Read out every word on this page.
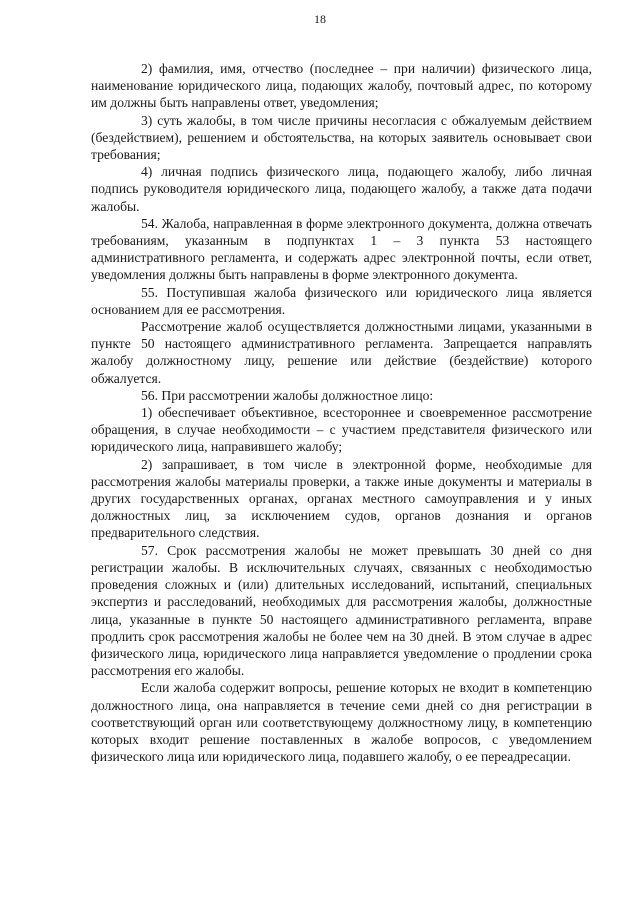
18

2) фамилия, имя, отчество (последнее – при наличии) физического лица, наименование юридического лица, подающих жалобу, почтовый адрес, по которому им должны быть направлены ответ, уведомления;

3) суть жалобы, в том числе причины несогласия с обжалуемым действием (бездействием), решением и обстоятельства, на которых заявитель основывает свои требования;

4) личная подпись физического лица, подающего жалобу, либо личная подпись руководителя юридического лица, подающего жалобу, а также дата подачи жалобы.

54. Жалоба, направленная в форме электронного документа, должна отвечать требованиям, указанным в подпунктах 1 – 3 пункта 53 настоящего административного регламента, и содержать адрес электронной почты, если ответ, уведомления должны быть направлены в форме электронного документа.

55. Поступившая жалоба физического или юридического лица является основанием для ее рассмотрения.

Рассмотрение жалоб осуществляется должностными лицами, указанными в пункте 50 настоящего административного регламента. Запрещается направлять жалобу должностному лицу, решение или действие (бездействие) которого обжалуется.

56. При рассмотрении жалобы должностное лицо:

1) обеспечивает объективное, всестороннее и своевременное рассмотрение обращения, в случае необходимости – с участием представителя физического или юридического лица, направившего жалобу;

2) запрашивает, в том числе в электронной форме, необходимые для рассмотрения жалобы материалы проверки, а также иные документы и материалы в других государственных органах, органах местного самоуправления и у иных должностных лиц, за исключением судов, органов дознания и органов предварительного следствия.

57. Срок рассмотрения жалобы не может превышать 30 дней со дня регистрации жалобы. В исключительных случаях, связанных с необходимостью проведения сложных и (или) длительных исследований, испытаний, специальных экспертиз и расследований, необходимых для рассмотрения жалобы, должностные лица, указанные в пункте 50 настоящего административного регламента, вправе продлить срок рассмотрения жалобы не более чем на 30 дней. В этом случае в адрес физического лица, юридического лица направляется уведомление о продлении срока рассмотрения его жалобы.

Если жалоба содержит вопросы, решение которых не входит в компетенцию должностного лица, она направляется в течение семи дней со дня регистрации в соответствующий орган или соответствующему должностному лицу, в компетенцию которых входит решение поставленных в жалобе вопросов, с уведомлением физического лица или юридического лица, подавшего жалобу, о ее переадресации.
